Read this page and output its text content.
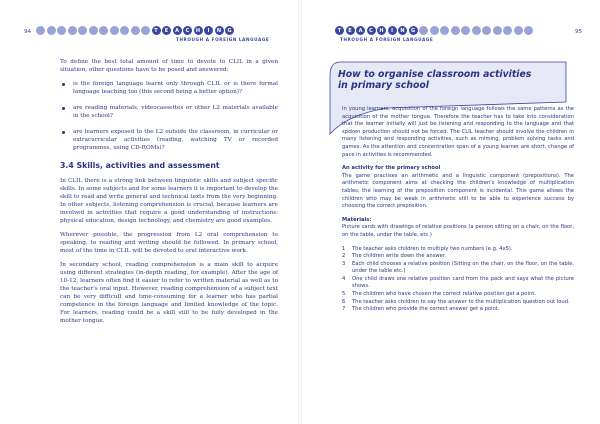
94	T	E	A	C	H	I	N	G
THROUGH A FOREIGN LANGUAGE

To define the best total amount of time to devote to CLIL in a given situation, other questions have to be posed and answered:

is the foreign language learnt only through CLIL or is there formal language teaching too (this second being a better option)?
are reading materials, videocassettes or other L2 materials available in the school?
are learners exposed to the L2 outside the classroom, in curricular or extracurricular activities (reading, watching TV or recorded programmes, using CD-ROMs)?
3.4 Skills, activities and assessment

In CLIL there is a strong link between linguistic skills and subject specific skills. In some subjects and for some learners it is important to develop the skill to read and write general and technical texts from the very beginning. In other subjects, listening comprehension is crucial, because learners are involved in activities that require a good understanding of instructions: physical education, design technology, and chemistry are good examples.

Wherever possible, the progression from L2 oral comprehension to speaking, to reading and writing should be followed. In primary school, most of the time in CLIL will be devoted to oral interactive work.

In secondary school, reading comprehension is a main skill to acquire using different strategies (in-depth reading, for example). After the age of 10-12, learners often find it easier to refer to written material as well as to the teacher's oral input. However, reading comprehension of a subject text can be very difficult and time-consuming for a learner who has partial competence in the foreign language and limited knowledge of the topic. For learners, reading could be a skill still to be fully developed in the mother tongue.

95
T	E	A	C	H	I	N	G
THROUGH A FOREIGN LANGUAGE
How to organise classroom activities in primary school

In young learners, acquisition of the foreign language follows the same patterns as the acquisition of the mother tongue. Therefore the teacher has to take into consideration that the learner initially will just be listening and responding to the language and that spoken production should not be forced. The CLIL teacher should involve the children in many listening and responding activities, such as miming, problem solving tasks and games. As the attention and concentration span of a young learner are short, change of pace in activities is recommended.

An activity for the primary school

The game practises an arithmetic and a linguistic component (prepositions). The arithmetic component aims at checking the children's knowledge of multiplication tables, the learning of the preposition component is incidental. This game allows the children who may be weak in arithmetic still to be able to experience success by choosing the correct preposition.

Materials:

Picture cards with drawings of relative positions (a person sitting on a chair, on the floor, on the table, under the table, etc.)

1 The teacher asks children to multiply two numbers (e.g. 4x5).
2 The children write down the answer.
3 Each child chooses a relative position (Sitting on the chair, on the floor, on the table, under the table etc.)
4 One child draws one relative position card from the pack and says what the picture shows.
5 The children who have chosen the correct relative position get a point.
6 The teacher asks children to say the answer to the multiplication question out loud.
7 The children who provide the correct answer get a point.
